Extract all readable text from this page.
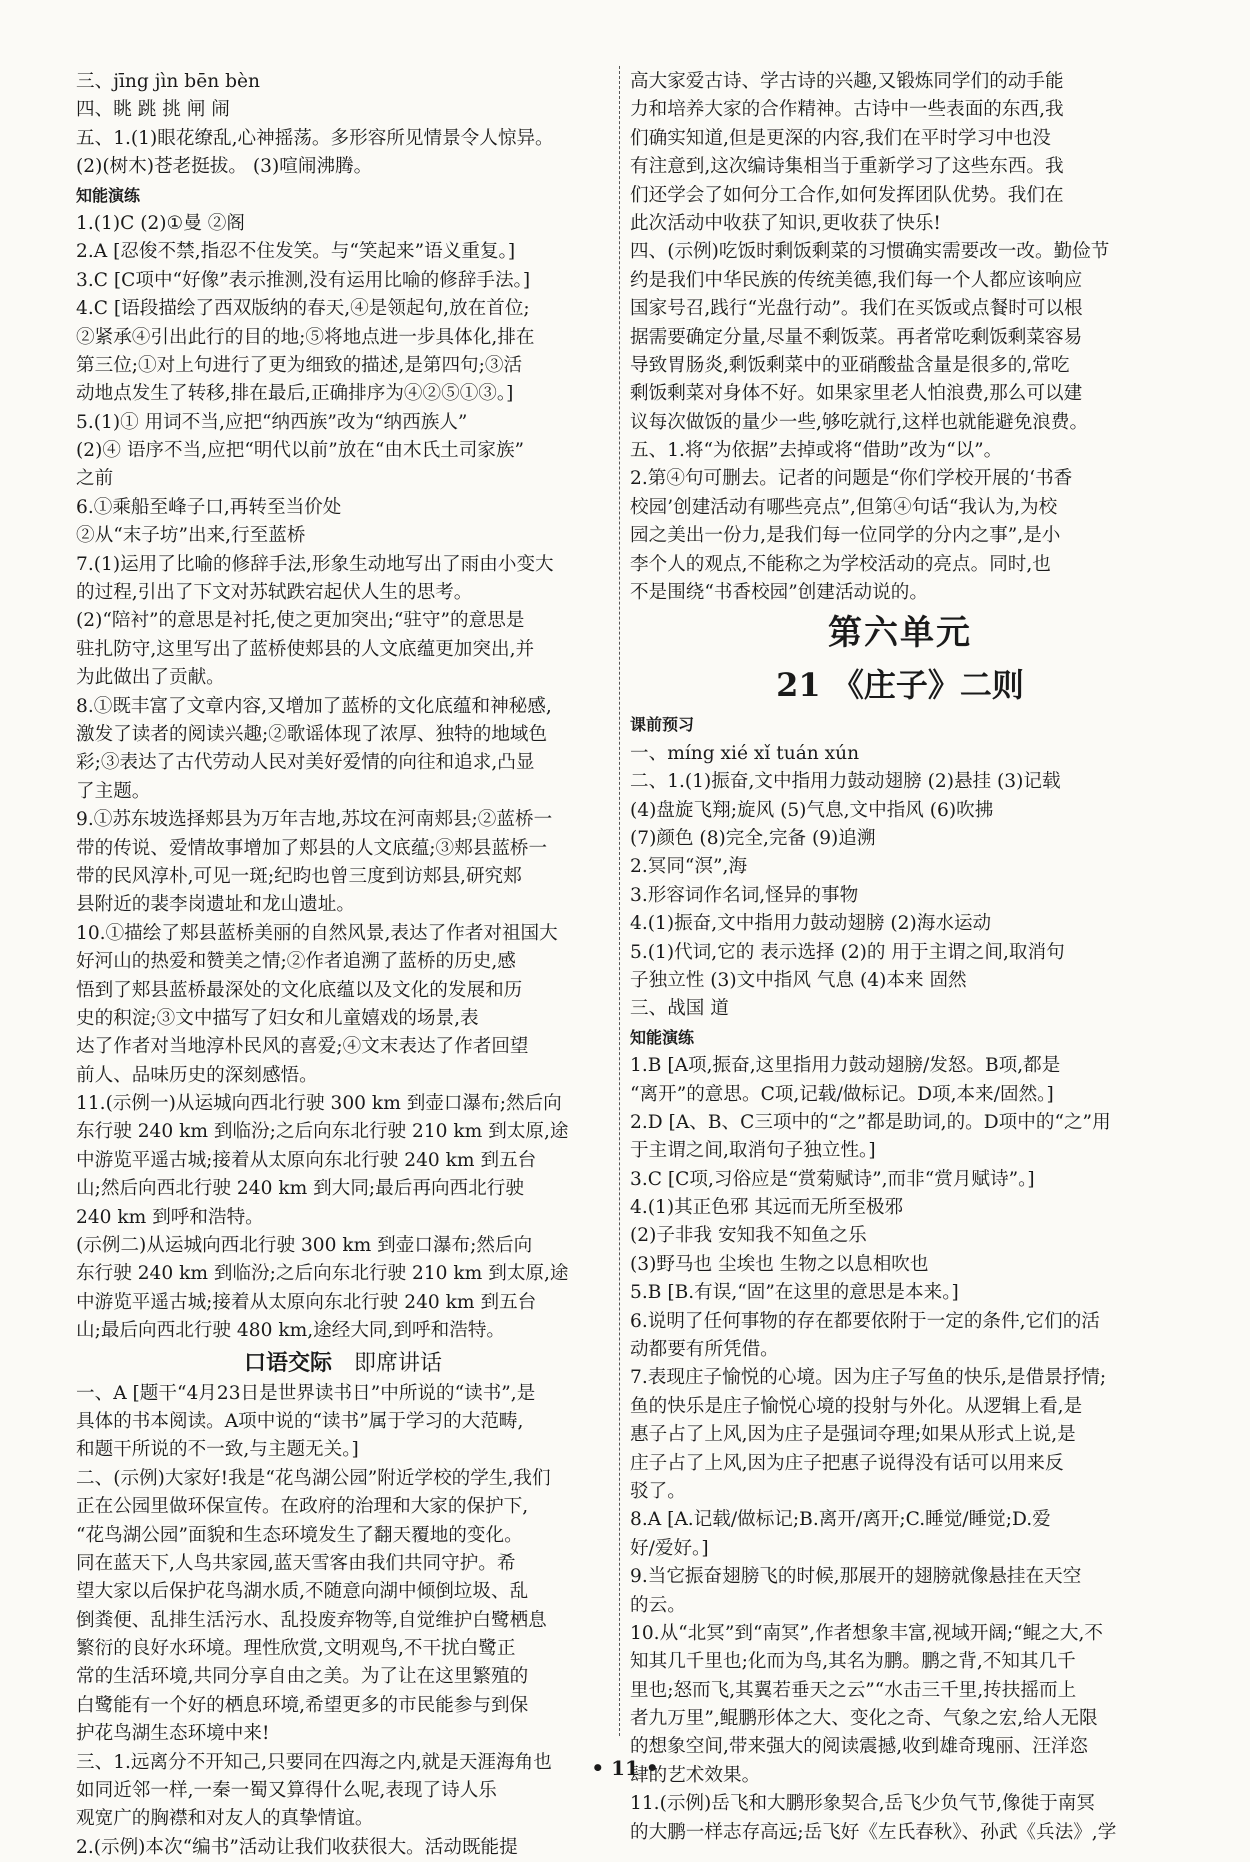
三、jīng jìn bēn bèn
四、眺 跳 挑 闸 闹
五、1.(1)眼花缭乱,心神摇荡。多形容所见情景令人惊异。
(2)(树木)苍老挺拔。 (3)喧闹沸腾。
知能演练
1.(1)C (2)①曼 ②阁
2.A [忍俊不禁,指忍不住发笑。与“笑起来”语义重复。]
3.C [C项中“好像”表示推测,没有运用比喻的修辞手法。]
4.C [语段描绘了西双版纳的春天,④是领起句,放在首位;
②紧承④引出此行的目的地;⑤将地点进一步具体化,排在
第三位;①对上句进行了更为细致的描述,是第四句;③活
动地点发生了转移,排在最后,正确排序为④②⑤①③。]
5.(1)① 用词不当,应把“纳西族”改为“纳西族人”
(2)④ 语序不当,应把“明代以前”放在“由木氏土司家族”
之前
6.①乘船至峰子口,再转至当价处
②从“末子坊”出来,行至蓝桥
7.(1)运用了比喻的修辞手法,形象生动地写出了雨由小变大
的过程,引出了下文对苏轼跌宕起伏人生的思考。
(2)“陪衬”的意思是衬托,使之更加突出;“驻守”的意思是
驻扎防守,这里写出了蓝桥使郏县的人文底蕴更加突出,并
为此做出了贡献。
8.①既丰富了文章内容,又增加了蓝桥的文化底蕴和神秘感,
激发了读者的阅读兴趣;②歌谣体现了浓厚、独特的地域色
彩;③表达了古代劳动人民对美好爱情的向往和追求,凸显
了主题。
9.①苏东坡选择郏县为万年吉地,苏坟在河南郏县;②蓝桥一
带的传说、爱情故事增加了郏县的人文底蕴;③郏县蓝桥一
带的民风淳朴,可见一斑;纪昀也曾三度到访郏县,研究郏
县附近的裴李岗遗址和龙山遗址。
10.①描绘了郏县蓝桥美丽的自然风景,表达了作者对祖国大
好河山的热爱和赞美之情;②作者追溯了蓝桥的历史,感
悟到了郏县蓝桥最深处的文化底蕴以及文化的发展和历
史的积淀;③文中描写了妇女和儿童嬉戏的场景,表
达了作者对当地淳朴民风的喜爱;④文末表达了作者回望
前人、品味历史的深刻感悟。
11.(示例一)从运城向西北行驶 300 km 到壶口瀑布;然后向
东行驶 240 km 到临汾;之后向东北行驶 210 km 到太原,途
中游览平遥古城;接着从太原向东北行驶 240 km 到五台
山;然后向西北行驶 240 km 到大同;最后再向西北行驶
240 km 到呼和浩特。
(示例二)从运城向西北行驶 300 km 到壶口瀑布;然后向
东行驶 240 km 到临汾;之后向东北行驶 210 km 到太原,途
中游览平遥古城;接着从太原向东北行驶 240 km 到五台
山;最后向西北行驶 480 km,途经大同,到呼和浩特。
口语交际  即席讲话
一、A [题干“4月23日是世界读书日”中所说的“读书”,是
具体的书本阅读。A项中说的“读书”属于学习的大范畴,
和题干所说的不一致,与主题无关。]
二、(示例)大家好!我是“花鸟湖公园”附近学校的学生,我们
正在公园里做环保宣传。在政府的治理和大家的保护下,
“花鸟湖公园”面貌和生态环境发生了翻天覆地的变化。
同在蓝天下,人鸟共家园,蓝天雪客由我们共同守护。希
望大家以后保护花鸟湖水质,不随意向湖中倾倒垃圾、乱
倒粪便、乱排生活污水、乱投废弃物等,自觉维护白鹭栖息
繁衍的良好水环境。理性欣赏,文明观鸟,不干扰白鹭正
常的生活环境,共同分享自由之美。为了让在这里繁殖的
白鹭能有一个好的栖息环境,希望更多的市民能参与到保
护花鸟湖生态环境中来!
三、1.远离分不开知己,只要同在四海之内,就是天涯海角也
如同近邻一样,一秦一蜀又算得什么呢,表现了诗人乐
观宽广的胸襟和对友人的真挚情谊。
2.(示例)本次“编书”活动让我们收获很大。活动既能提
高大家爱古诗、学古诗的兴趣,又锻炼同学们的动手能
力和培养大家的合作精神。古诗中一些表面的东西,我
们确实知道,但是更深的内容,我们在平时学习中也没
有注意到,这次编诗集相当于重新学习了这些东西。我
们还学会了如何分工合作,如何发挥团队优势。我们在
此次活动中收获了知识,更收获了快乐!
四、(示例)吃饭时剩饭剩菜的习惯确实需要改一改。勤俭节
约是我们中华民族的传统美德,我们每一个人都应该响应
国家号召,践行“光盘行动”。我们在买饭或点餐时可以根
据需要确定分量,尽量不剩饭菜。再者常吃剩饭剩菜容易
导致胃肠炎,剩饭剩菜中的亚硝酸盐含量是很多的,常吃
剩饭剩菜对身体不好。如果家里老人怕浪费,那么可以建
议每次做饭的量少一些,够吃就行,这样也就能避免浪费。
五、1.将“为依据”去掉或将“借助”改为“以”。
2.第④句可删去。记者的问题是“你们学校开展的‘书香
校园’创建活动有哪些亮点”,但第④句话“我认为,为校
园之美出一份力,是我们每一位同学的分内之事”,是小
李个人的观点,不能称之为学校活动的亮点。同时,也
不是围绕“书香校园”创建活动说的。
第六单元
21 《庄子》二则
课前预习
一、míng xié xǐ tuán xún
二、1.(1)振奋,文中指用力鼓动翅膀 (2)悬挂 (3)记载
(4)盘旋飞翔;旋风 (5)气息,文中指风 (6)吹拂
(7)颜色 (8)完全,完备 (9)追溯
2.冥同“溟”,海
3.形容词作名词,怪异的事物
4.(1)振奋,文中指用力鼓动翅膀 (2)海水运动
5.(1)代词,它的 表示选择 (2)的 用于主谓之间,取消句
子独立性 (3)文中指风 气息 (4)本来 固然
三、战国 道
知能演练
1.B [A项,振奋,这里指用力鼓动翅膀/发怒。B项,都是
“离开”的意思。C项,记载/做标记。D项,本来/固然。]
2.D [A、B、C三项中的“之”都是助词,的。D项中的“之”用
于主谓之间,取消句子独立性。]
3.C [C项,习俗应是“赏菊赋诗”,而非“赏月赋诗”。]
4.(1)其正色邪 其远而无所至极邪
(2)子非我 安知我不知鱼之乐
(3)野马也 尘埃也 生物之以息相吹也
5.B [B.有误,“固”在这里的意思是本来。]
6.说明了任何事物的存在都要依附于一定的条件,它们的活
动都要有所凭借。
7.表现庄子愉悦的心境。因为庄子写鱼的快乐,是借景抒情;
鱼的快乐是庄子愉悦心境的投射与外化。从逻辑上看,是
惠子占了上风,因为庄子是强词夺理;如果从形式上说,是
庄子占了上风,因为庄子把惠子说得没有话可以用来反
驳了。
8.A [A.记载/做标记;B.离开/离开;C.睡觉/睡觉;D.爱
好/爱好。]
9.当它振奋翅膀飞的时候,那展开的翅膀就像悬挂在天空
的云。
10.从“北冥”到“南冥”,作者想象丰富,视域开阔;“鲲之大,不
知其几千里也;化而为鸟,其名为鹏。鹏之背,不知其几千
里也;怒而飞,其翼若垂天之云”“水击三千里,抟扶摇而上
者九万里”,鲲鹏形体之大、变化之奇、气象之宏,给人无限
的想象空间,带来强大的阅读震撼,收到雄奇瑰丽、汪洋恣
肆的艺术效果。
11.(示例)岳飞和大鹏形象契合,岳飞少负气节,像徙于南冥
的大鹏一样志存高远;岳飞好《左氏春秋》、孙武《兵法》,学
• 11 •
